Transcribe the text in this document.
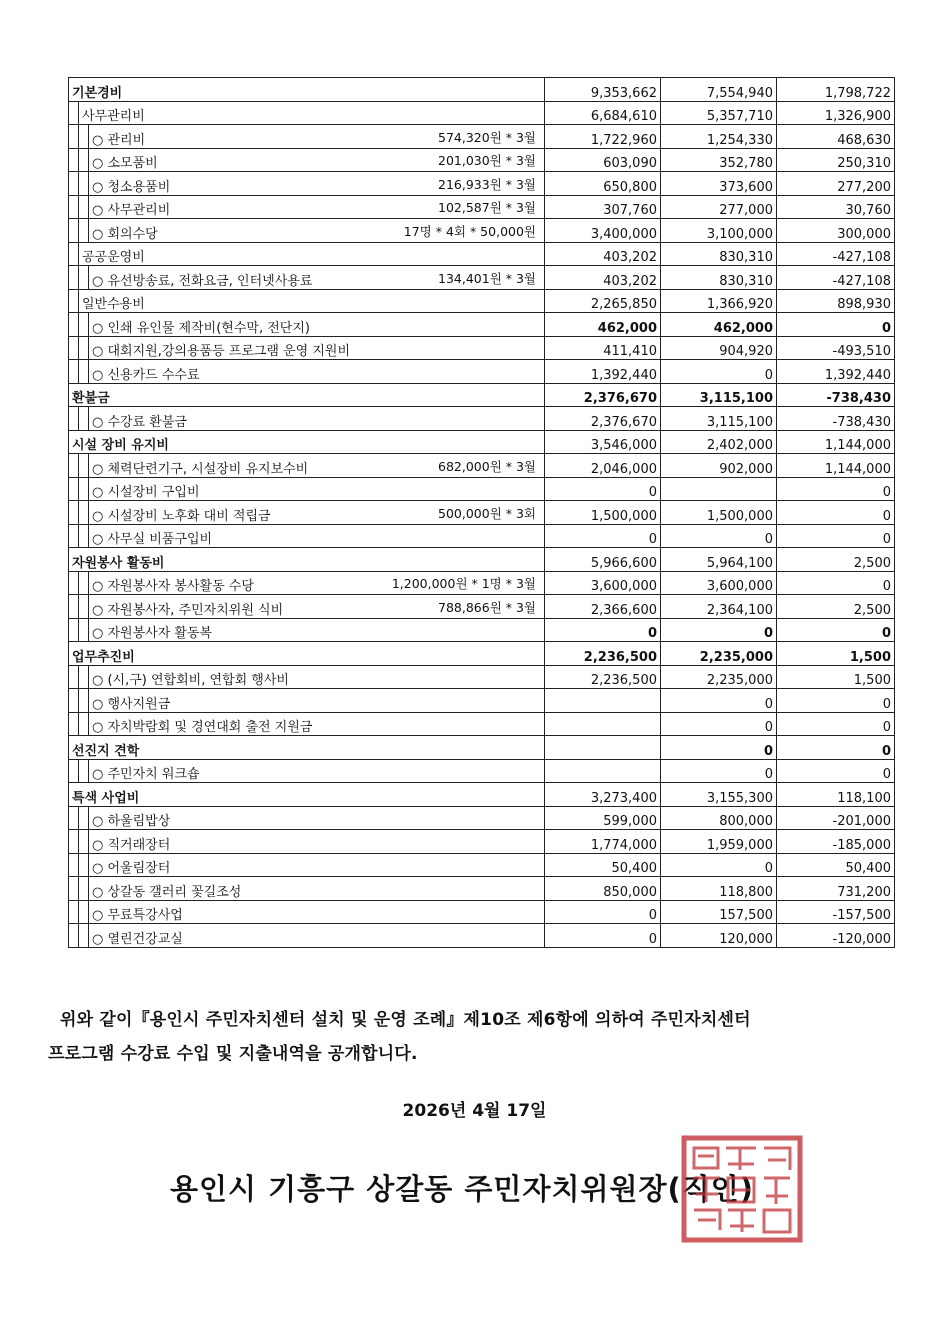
기본경비			9,353,662	7,554,940	1,798,722
	사무관리비		6,684,610	5,357,710	1,326,900
		○ 관리비 574,320원 * 3월	1,722,960	1,254,330	468,630
		○ 소모품비 201,030원 * 3월	603,090	352,780	250,310
		○ 청소용품비 216,933원 * 3월	650,800	373,600	277,200
		○ 사무관리비 102,587원 * 3월	307,760	277,000	30,760
		○ 회의수당 17명 * 4회 * 50,000원	3,400,000	3,100,000	300,000
	공공운영비		403,202	830,310	-427,108
		○ 유선방송료, 전화요금, 인터넷사용료 134,401원 * 3월	403,202	830,310	-427,108
	일반수용비		2,265,850	1,366,920	898,930
		○ 인쇄 유인물 제작비(현수막, 전단지)	462,000	462,000	0
		○ 대회지원,강의용품등 프로그램 운영 지원비	411,410	904,920	-493,510
		○ 신용카드 수수료	1,392,440	0	1,392,440
환불금			2,376,670	3,115,100	-738,430
		○ 수강료 환불금	2,376,670	3,115,100	-738,430
시설 장비 유지비			3,546,000	2,402,000	1,144,000
		○ 체력단련기구, 시설장비 유지보수비 682,000원 * 3월	2,046,000	902,000	1,144,000
		○ 시설장비 구입비	0		0
		○ 시설장비 노후화 대비 적립금 500,000원 * 3회	1,500,000	1,500,000	0
		○ 사무실 비품구입비	0	0	0
자원봉사 활동비			5,966,600	5,964,100	2,500
		○ 자원봉사자 봉사활동 수당 1,200,000원 * 1명 * 3월	3,600,000	3,600,000	0
		○ 자원봉사자, 주민자치위원 식비 788,866원 * 3월	2,366,600	2,364,100	2,500
		○ 자원봉사자 활동복	0	0	0
업무추진비			2,236,500	2,235,000	1,500
		○ (시,구) 연합회비, 연합회 행사비	2,236,500	2,235,000	1,500
		○ 행사지원금		0	0
		○ 자치박람회 및 경연대회 출전 지원금		0	0
선진지 견학				0	0
		○ 주민자치 워크숍		0	0
특색 사업비			3,273,400	3,155,300	118,100
		○ 하울림밥상	599,000	800,000	-201,000
		○ 직거래장터	1,774,000	1,959,000	-185,000
		○ 어울림장터	50,400	0	50,400
		○ 상갈동 갤러리 꽃길조성	850,000	118,800	731,200
		○ 무료특강사업	0	157,500	-157,500
		○ 열린건강교실	0	120,000	-120,000

위와 같이『용인시 주민자치센터 설치 및 운영 조례』제10조 제6항에 의하여 주민자치센터

프로그램 수강료 수입 및 지출내역을 공개합니다.

2026년 4월 17일
용인시 기흥구 상갈동 주민자치위원장(직인)
